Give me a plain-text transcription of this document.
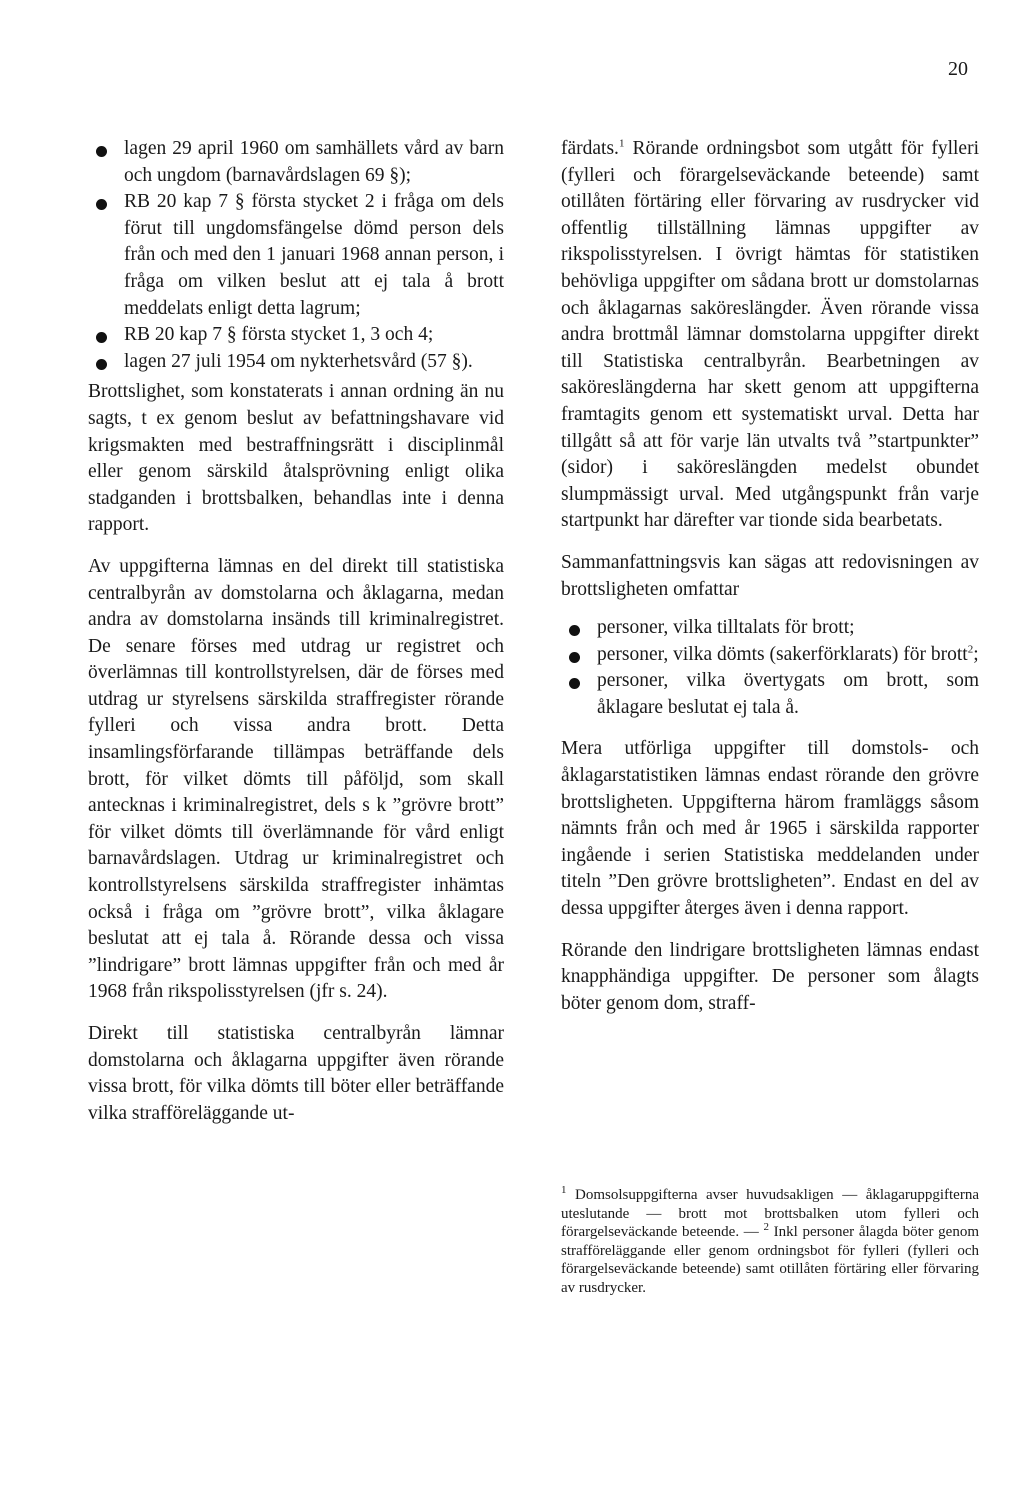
20
lagen 29 april 1960 om samhällets vård av barn och ungdom (barnavårdslagen 69 §);
RB 20 kap 7 § första stycket 2 i fråga om dels förut till ungdomsfängelse dömd person dels från och med den 1 januari 1968 annan person, i fråga om vilken beslut att ej tala å brott meddelats enligt detta lagrum;
RB 20 kap 7 § första stycket 1, 3 och 4;
lagen 27 juli 1954 om nykterhetsvård (57 §).

Brottslighet, som konstaterats i annan ordning än nu sagts, t ex genom beslut av befattningshavare vid krigsmakten med bestraffningsrätt i disciplinmål eller genom särskild åtalsprövning enligt olika stadganden i brottsbalken, behandlas inte i denna rapport.

Av uppgifterna lämnas en del direkt till statistiska centralbyrån av domstolarna och åklagarna, medan andra av domstolarna insänds till kriminalregistret. De senare förses med utdrag ur registret och överlämnas till kontrollstyrelsen, där de förses med utdrag ur styrelsens särskilda straffregister rörande fylleri och vissa andra brott. Detta insamlingsförfarande tillämpas beträffande dels brott, för vilket dömts till påföljd, som skall antecknas i kriminalregistret, dels s k ”grövre brott” för vilket dömts till överlämnande för vård enligt barnavårdslagen. Utdrag ur kriminalregistret och kontrollstyrelsens särskilda straffregister inhämtas också i fråga om ”grövre brott”, vilka åklagare beslutat att ej tala å. Rörande dessa och vissa ”lindrigare” brott lämnas uppgifter från och med år 1968 från rikspolisstyrelsen (jfr s. 24).

Direkt till statistiska centralbyrån lämnar domstolarna och åklagarna uppgifter även rörande vissa brott, för vilka dömts till böter eller beträffande vilka strafföreläggande ut-

färdats.$^1$ Rörande ordningsbot som utgått för fylleri (fylleri och förargelseväckande beteende) samt otillåten förtäring eller förvaring av rusdrycker vid offentlig tillställning lämnas uppgifter av rikspolisstyrelsen. I övrigt hämtas för statistiken behövliga uppgifter om sådana brott ur domstolarnas och åklagarnas saköreslängder. Även rörande vissa andra brottmål lämnar domstolarna uppgifter direkt till Statistiska centralbyrån. Bearbetningen av saköreslängderna har skett genom att uppgifterna framtagits genom ett systematiskt urval. Detta har tillgått så att för varje län utvalts två ”startpunkter” (sidor) i saköreslängden medelst obundet slumpmässigt urval. Med utgångspunkt från varje startpunkt har därefter var tionde sida bearbetats.

Sammanfattningsvis kan sägas att redovisningen av brottsligheten omfattar

personer, vilka tilltalats för brott;
personer, vilka dömts (sakerförklarats) för brott$^2$;
personer, vilka övertygats om brott, som åklagare beslutat ej tala å.

Mera utförliga uppgifter till domstols- och åklagarstatistiken lämnas endast rörande den grövre brottsligheten. Uppgifterna härom framläggs såsom nämnts från och med år 1965 i särskilda rapporter ingående i serien Statistiska meddelanden under titeln ”Den grövre brottsligheten”. Endast en del av dessa uppgifter återges även i denna rapport.

Rörande den lindrigare brottsligheten lämnas endast knapphändiga uppgifter. De personer som ålagts böter genom dom, straff-

$^1$ Domsolsuppgifterna avser huvudsakligen — åklagaruppgifterna uteslutande — brott mot brottsbalken utom fylleri och förargelseväckande beteende. — $^2$ Inkl personer ålagda böter genom strafföreläggande eller genom ordningsbot för fylleri (fylleri och förargelseväckande beteende) samt otillåten förtäring eller förvaring av rusdrycker.
